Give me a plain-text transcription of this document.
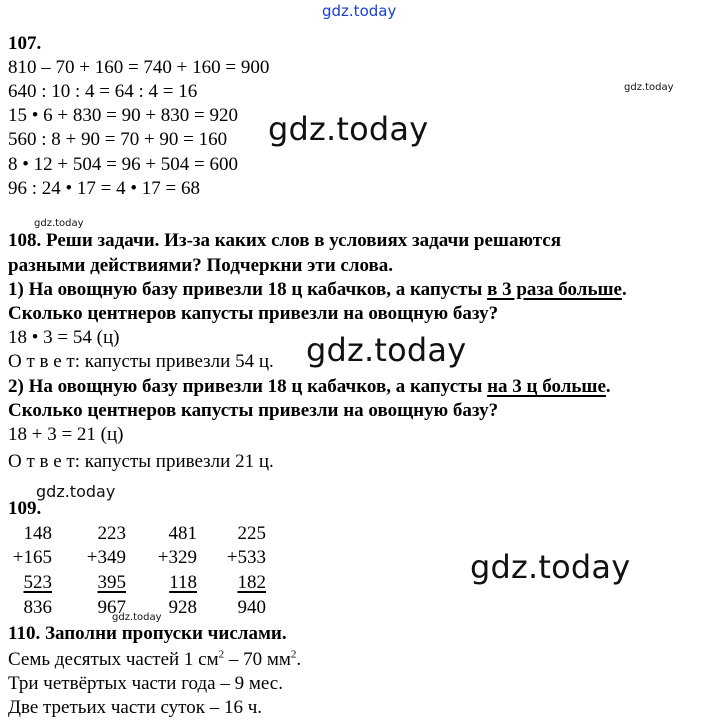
gdz.today
gdz.today
gdz.today
gdz.today
gdz.today
gdz.today
gdz.today
gdz.today
107.
810 – 70 + 160 = 740 + 160 = 900
640 : 10 : 4 = 64 : 4 = 16
15 • 6 + 830 = 90 + 830 = 920
560 : 8 + 90 = 70 + 90 = 160
8 • 12 + 504 = 96 + 504 = 600
96 : 24 • 17 = 4 • 17 = 68
108. Реши задачи. Из-за каких слов в условиях задачи решаются
разными действиями? Подчеркни эти слова.
1) На овощную базу привезли 18 ц кабачков, а капусты в 3 раза больше.
Сколько центнеров капусты привезли на овощную базу?
18 • 3 = 54 (ц)
О т в е т: капусты привезли 54 ц.
2) На овощную базу привезли 18 ц кабачков, а капусты на 3 ц больше.
Сколько центнеров капусты привезли на овощную базу?
18 + 3 = 21 (ц)
О т в е т: капусты привезли 21 ц.
109.
148
+165
523
836
223
+349
395
967
481
+329
118
928
225
+533
182
940
110. Заполни пропуски числами.
Семь десятых частей 1 $см^2 - 70$ $мм^2$.
Три четвёртых части года – 9 мес.
Две третьих части суток – 16 ч.
